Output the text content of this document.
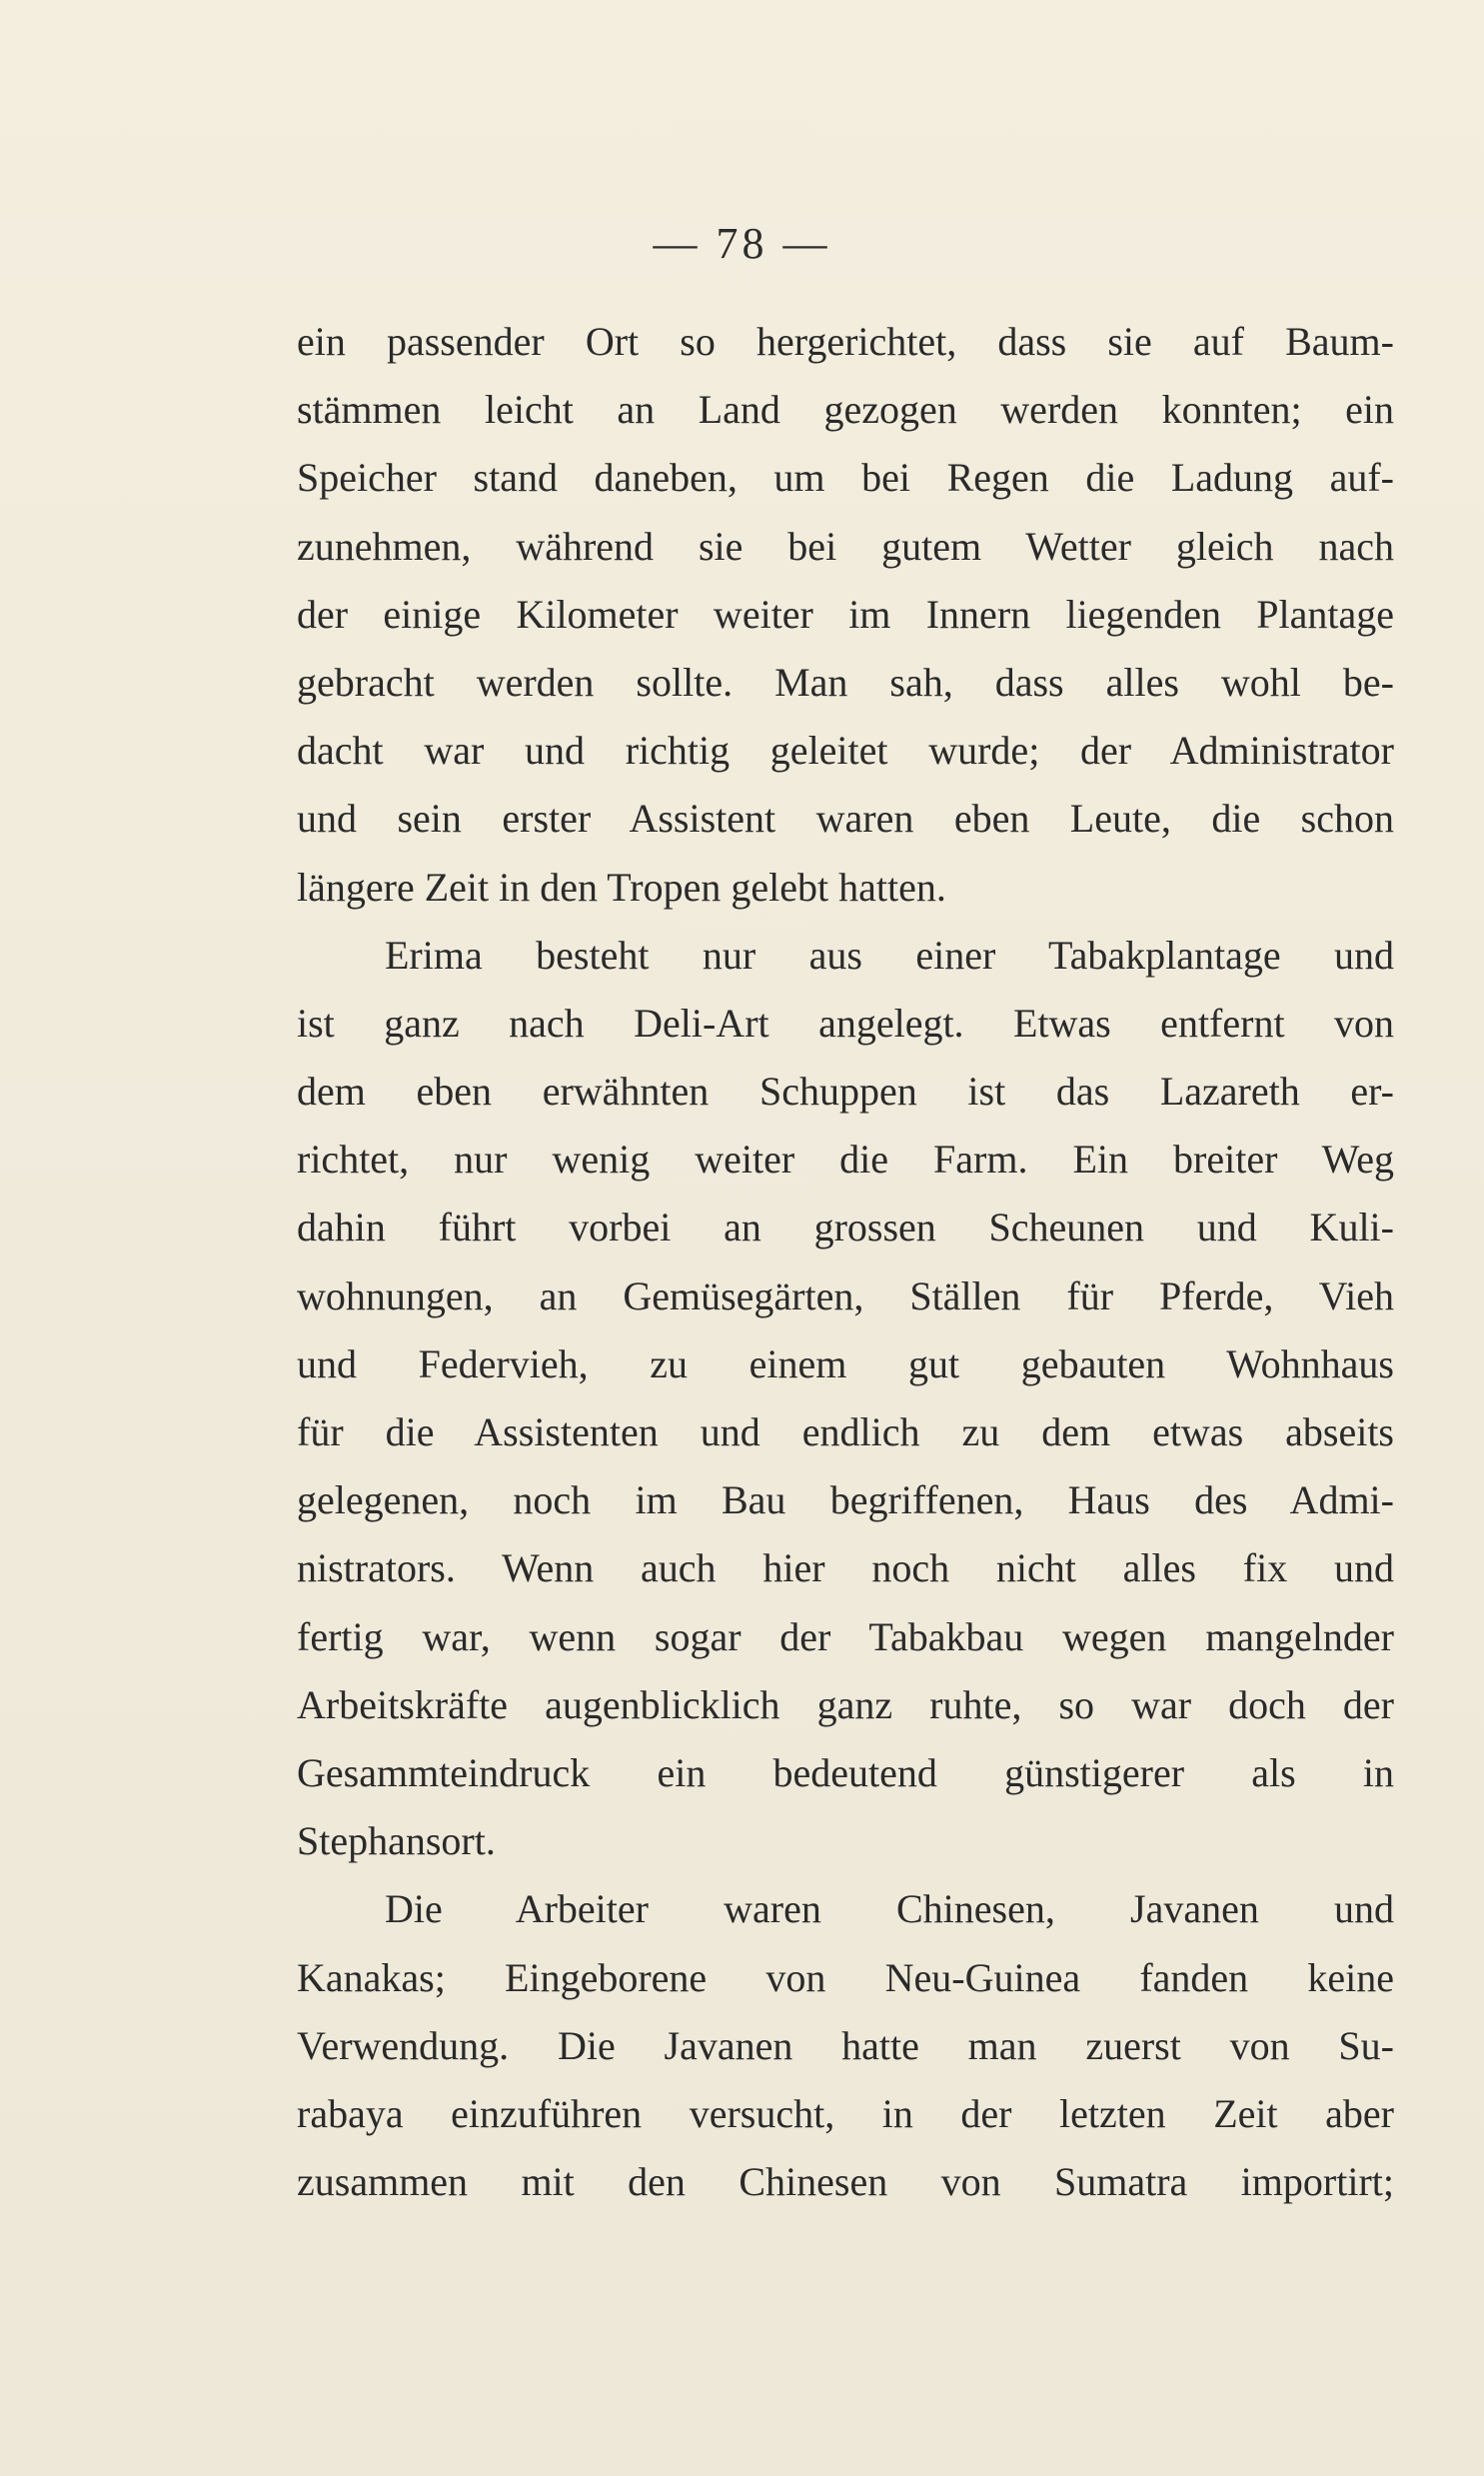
— 78 —
ein passender Ort so hergerichtet, dass sie auf Baum-
stämmen leicht an Land gezogen werden konnten; ein
Speicher stand daneben, um bei Regen die Ladung auf-
zunehmen, während sie bei gutem Wetter gleich nach
der einige Kilometer weiter im Innern liegenden Plantage
gebracht werden sollte. Man sah, dass alles wohl be-
dacht war und richtig geleitet wurde; der Administrator
und sein erster Assistent waren eben Leute, die schon
längere Zeit in den Tropen gelebt hatten.
Erima besteht nur aus einer Tabakplantage und
ist ganz nach Deli-Art angelegt. Etwas entfernt von
dem eben erwähnten Schuppen ist das Lazareth er-
richtet, nur wenig weiter die Farm. Ein breiter Weg
dahin führt vorbei an grossen Scheunen und Kuli-
wohnungen, an Gemüsegärten, Ställen für Pferde, Vieh
und Federvieh, zu einem gut gebauten Wohnhaus
für die Assistenten und endlich zu dem etwas abseits
gelegenen, noch im Bau begriffenen, Haus des Admi-
nistrators. Wenn auch hier noch nicht alles fix und
fertig war, wenn sogar der Tabakbau wegen mangelnder
Arbeitskräfte augenblicklich ganz ruhte, so war doch der
Gesammteindruck ein bedeutend günstigerer als in
Stephansort.
Die Arbeiter waren Chinesen, Javanen und
Kanakas; Eingeborene von Neu-Guinea fanden keine
Verwendung. Die Javanen hatte man zuerst von Su-
rabaya einzuführen versucht, in der letzten Zeit aber
zusammen mit den Chinesen von Sumatra importirt;
